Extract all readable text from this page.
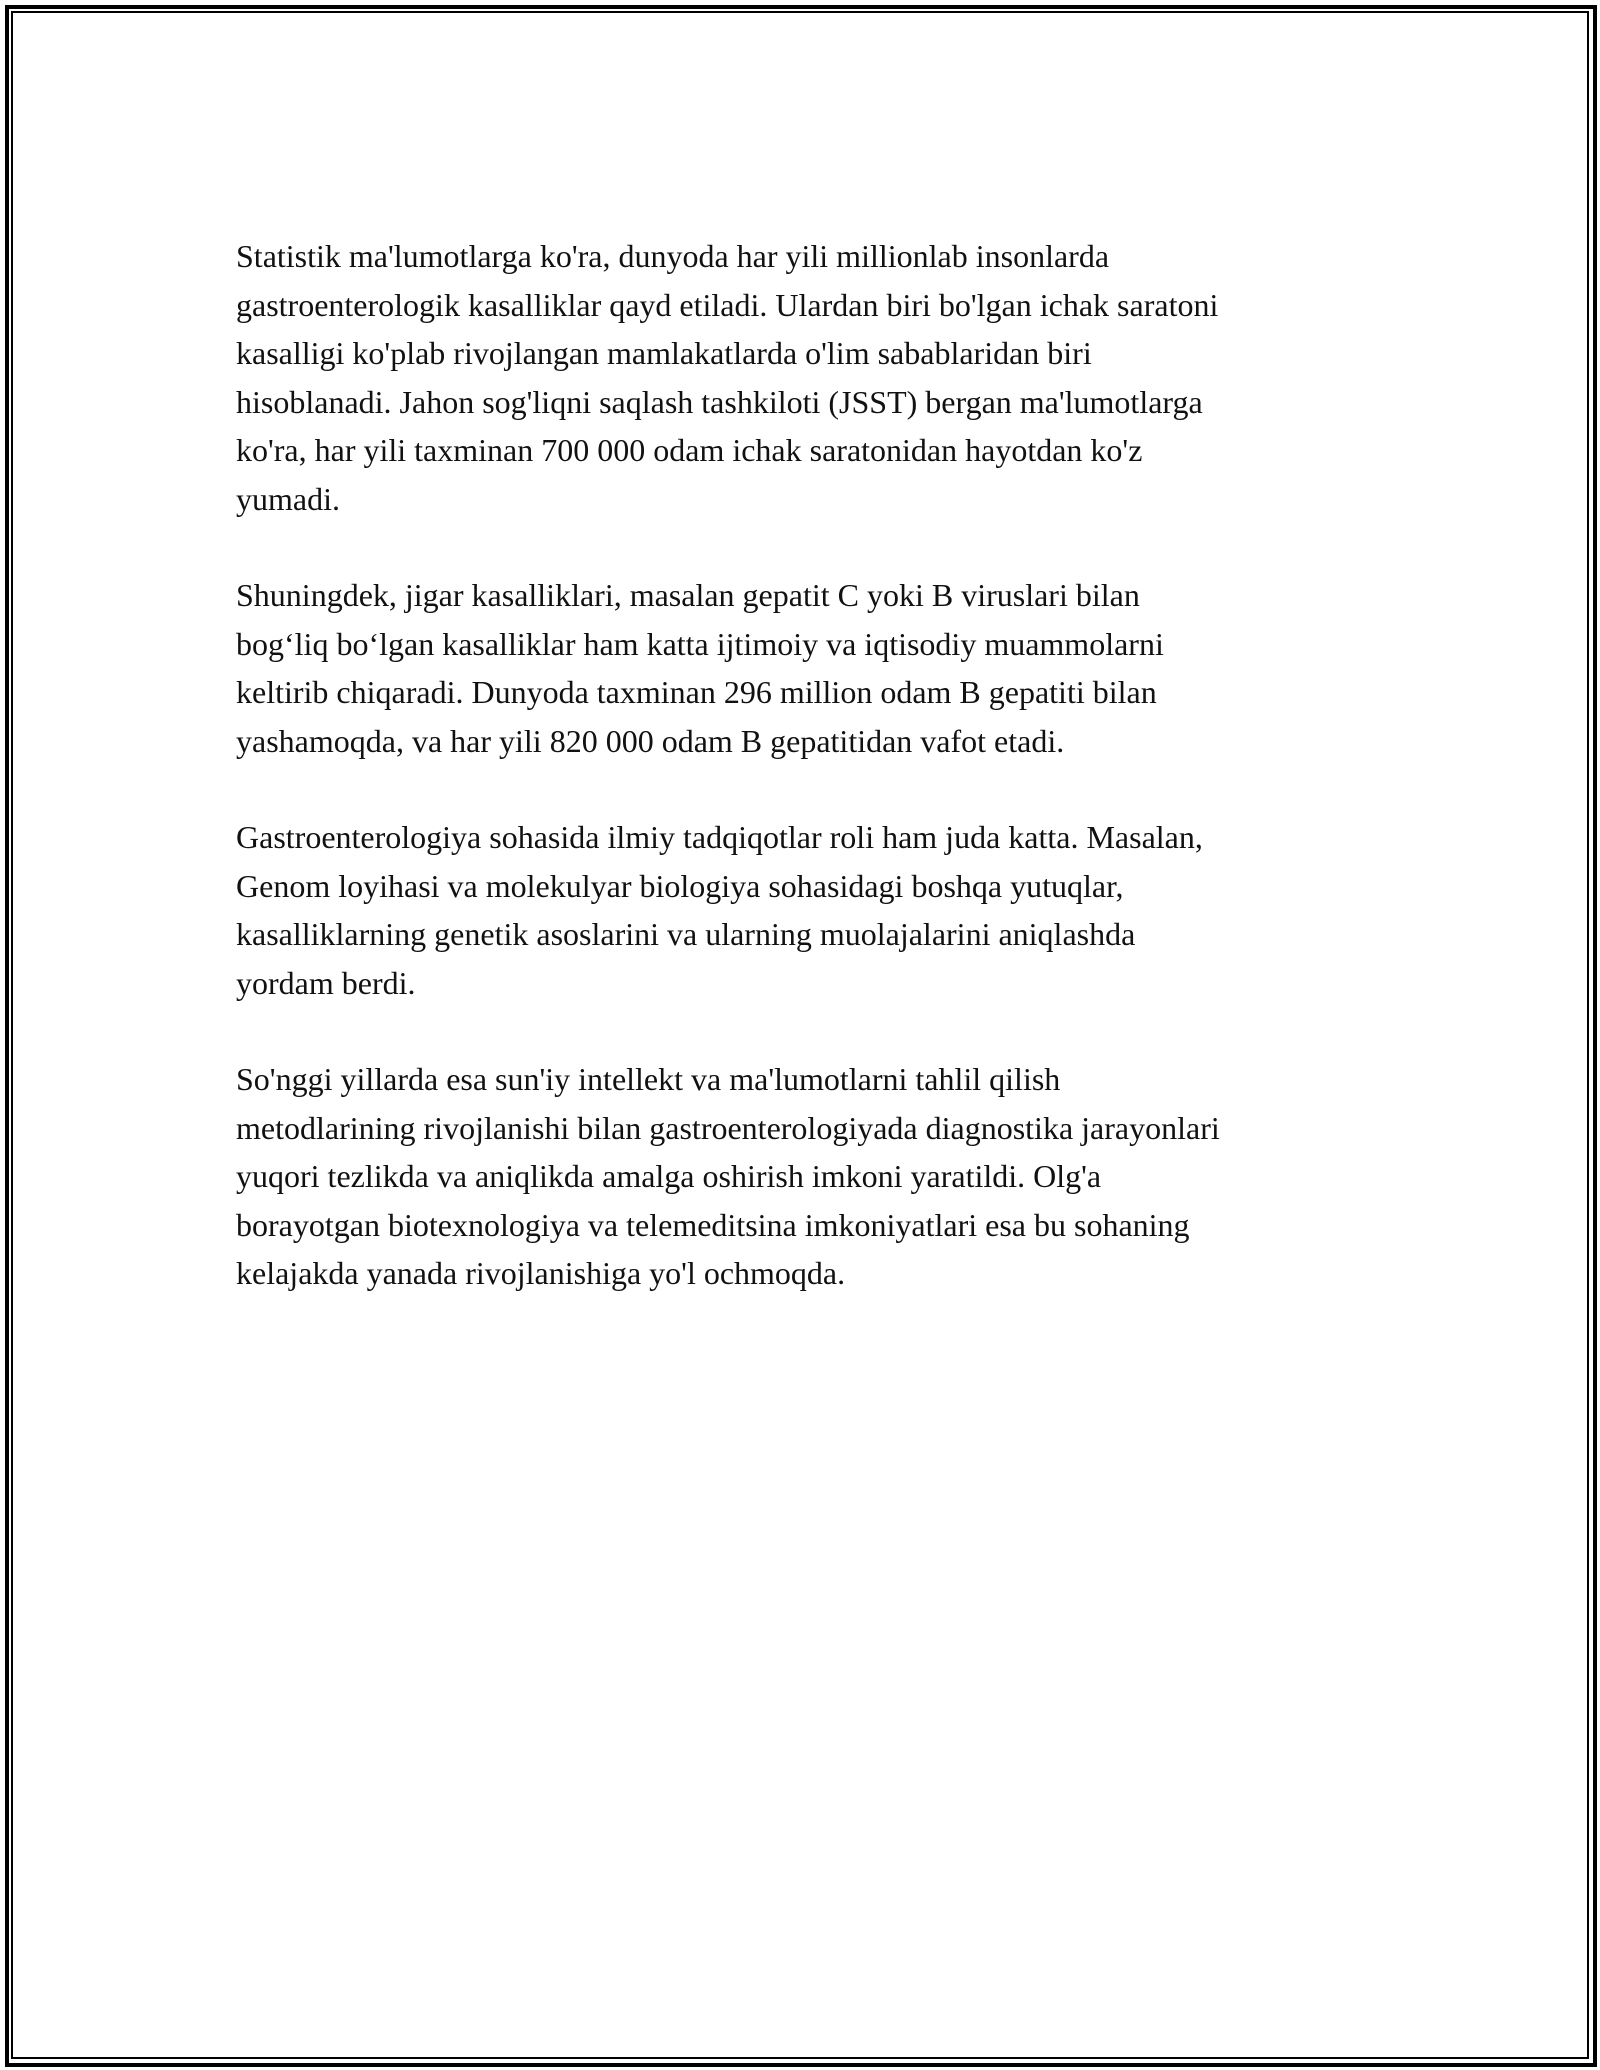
Statistik ma'lumotlarga ko'ra, dunyoda har yili millionlab insonlarda
gastroenterologik kasalliklar qayd etiladi. Ulardan biri bo'lgan ichak saratoni
kasalligi ko'plab rivojlangan mamlakatlarda o'lim sabablaridan biri
hisoblanadi. Jahon sog'liqni saqlash tashkiloti (JSST) bergan ma'lumotlarga
ko'ra, har yili taxminan 700 000 odam ichak saratonidan hayotdan ko'z
yumadi.

Shuningdek, jigar kasalliklari, masalan gepatit C yoki B viruslari bilan
bog‘liq bo‘lgan kasalliklar ham katta ijtimoiy va iqtisodiy muammolarni
keltirib chiqaradi. Dunyoda taxminan 296 million odam B gepatiti bilan
yashamoqda, va har yili 820 000 odam B gepatitidan vafot etadi.

Gastroenterologiya sohasida ilmiy tadqiqotlar roli ham juda katta. Masalan,
Genom loyihasi va molekulyar biologiya sohasidagi boshqa yutuqlar,
kasalliklarning genetik asoslarini va ularning muolajalarini aniqlashda
yordam berdi.

So'nggi yillarda esa sun'iy intellekt va ma'lumotlarni tahlil qilish
metodlarining rivojlanishi bilan gastroenterologiyada diagnostika jarayonlari
yuqori tezlikda va aniqlikda amalga oshirish imkoni yaratildi. Olg'a
borayotgan biotexnologiya va telemeditsina imkoniyatlari esa bu sohaning
kelajakda yanada rivojlanishiga yo'l ochmoqda.
